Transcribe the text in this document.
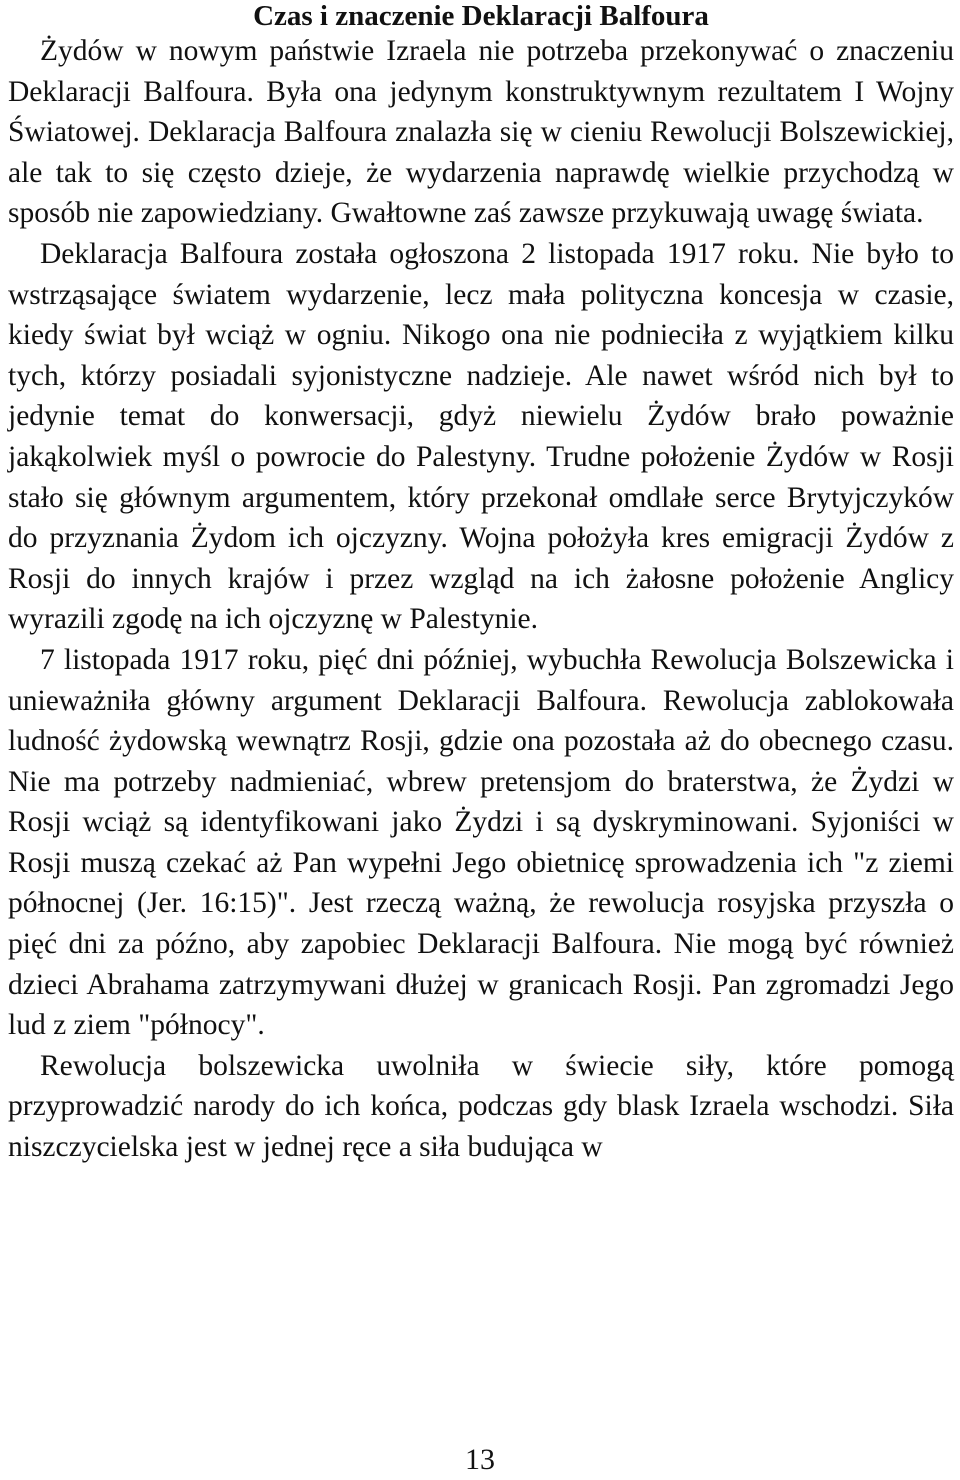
Czas i znaczenie Deklaracji Balfoura

Żydów w nowym państwie Izraela nie potrzeba przekonywać o znaczeniu Deklaracji Balfoura. Była ona jedynym konstruktywnym rezultatem I Wojny Światowej. Deklaracja Balfoura znalazła się w cieniu Rewolucji Bolszewickiej, ale tak to się często dzieje, że wydarzenia naprawdę wielkie przychodzą w sposób nie zapowiedziany. Gwałtowne zaś zawsze przykuwają uwagę świata.

Deklaracja Balfoura została ogłoszona 2 listopada 1917 roku. Nie było to wstrząsające światem wydarzenie, lecz mała polityczna koncesja w czasie, kiedy świat był wciąż w ogniu. Nikogo ona nie podnieciła z wyjątkiem kilku tych, którzy posiadali syjonistyczne nadzieje. Ale nawet wśród nich był to jedynie temat do konwersacji, gdyż niewielu Żydów brało poważnie jakąkolwiek myśl o powrocie do Palestyny. Trudne położenie Żydów w Rosji stało się głównym argumentem, który przekonał omdlałe serce Brytyjczyków do przyznania Żydom ich ojczyzny. Wojna położyła kres emigracji Żydów z Rosji do innych krajów i przez wzgląd na ich żałosne położenie Anglicy wyrazili zgodę na ich ojczyznę w Palestynie.

7 listopada 1917 roku, pięć dni później, wybuchła Rewolucja Bolszewicka i unieważniła główny argument Deklaracji Balfoura. Rewolucja zablokowała ludność żydowską wewnątrz Rosji, gdzie ona pozostała aż do obecnego czasu. Nie ma potrzeby nadmieniać, wbrew pretensjom do braterstwa, że Żydzi w Rosji wciąż są identyfikowani jako Żydzi i są dyskryminowani. Syjoniści w Rosji muszą czekać aż Pan wypełni Jego obietnicę sprowadzenia ich "z ziemi północnej (Jer. 16:15)". Jest rzeczą ważną, że rewolucja rosyjska przyszła o pięć dni za późno, aby zapobiec Deklaracji Balfoura. Nie mogą być również dzieci Abrahama zatrzymywani dłużej w granicach Rosji. Pan zgromadzi Jego lud z ziem "północy".

Rewolucja bolszewicka uwolniła w świecie siły, które pomogą przyprowadzić narody do ich końca, podczas gdy blask Izraela wschodzi. Siła niszczycielska jest w jednej ręce a siła budująca w

13
